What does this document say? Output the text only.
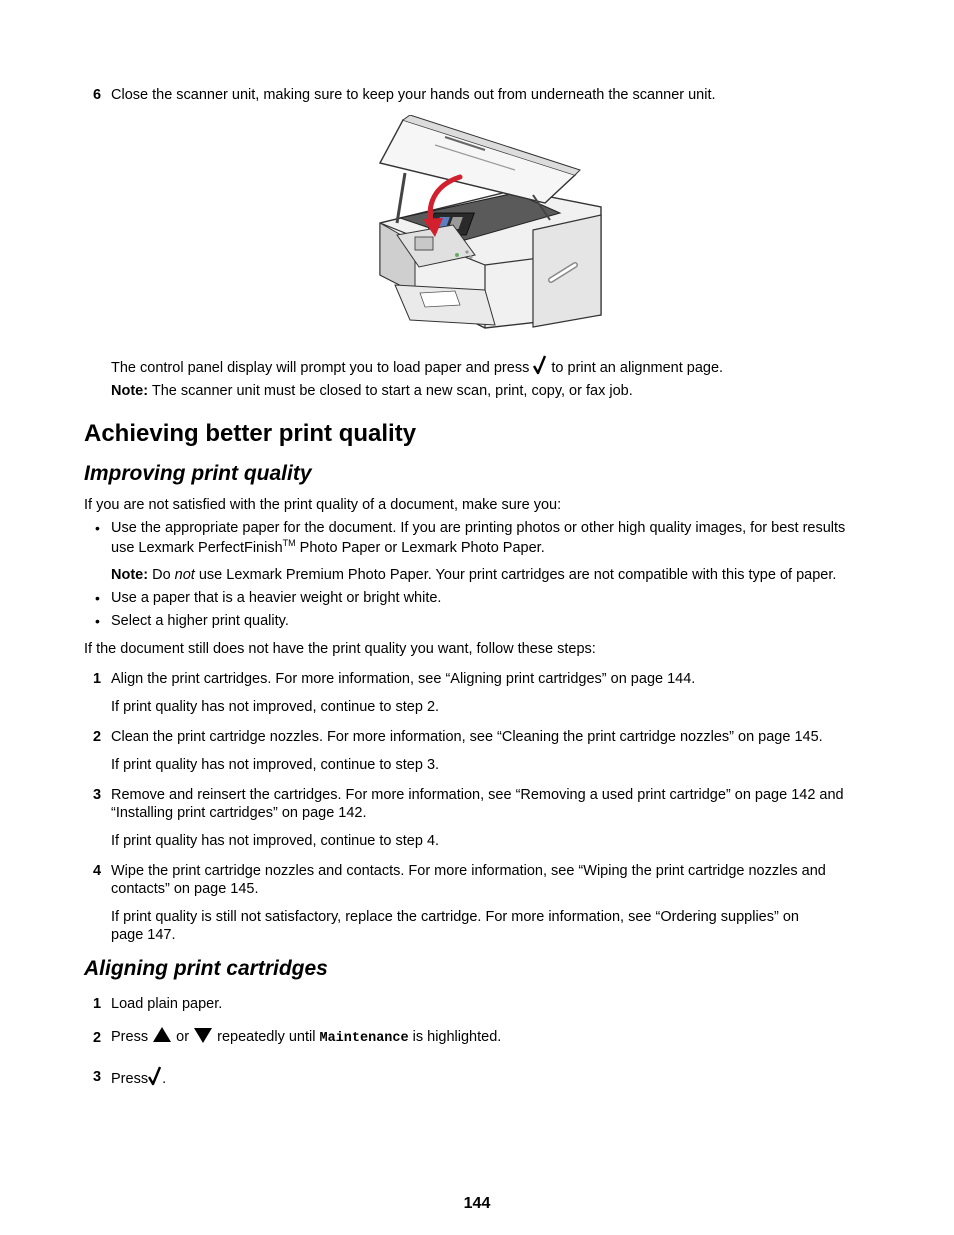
6 Close the scanner unit, making sure to keep your hands out from underneath the scanner unit.
The control panel display will prompt you to load paper and press to print an alignment page.
Note: The scanner unit must be closed to start a new scan, print, copy, or fax job.
Achieving better print quality
Improving print quality
If you are not satisfied with the print quality of a document, make sure you:
• Use the appropriate paper for the document. If you are printing photos or other high quality images, for best results
use Lexmark PerfectFinish™ Photo Paper or Lexmark Photo Paper.
Note: Do not use Lexmark Premium Photo Paper. Your print cartridges are not compatible with this type of paper.
• Use a paper that is a heavier weight or bright white.
• Select a higher print quality.
If the document still does not have the print quality you want, follow these steps:
1 Align the print cartridges. For more information, see “Aligning print cartridges” on page 144.
If print quality has not improved, continue to step 2.
2 Clean the print cartridge nozzles. For more information, see “Cleaning the print cartridge nozzles” on page 145.
If print quality has not improved, continue to step 3.
3 Remove and reinsert the cartridges. For more information, see “Removing a used print cartridge” on page 142 and
“Installing print cartridges” on page 142.
If print quality has not improved, continue to step 4.
4 Wipe the print cartridge nozzles and contacts. For more information, see “Wiping the print cartridge nozzles and
contacts” on page 145.
If print quality is still not satisfactory, replace the cartridge. For more information, see “Ordering supplies” on
page 147.
Aligning print cartridges
1 Load plain paper.
2 Press or repeatedly until Maintenance is highlighted.
3 Press .
144
